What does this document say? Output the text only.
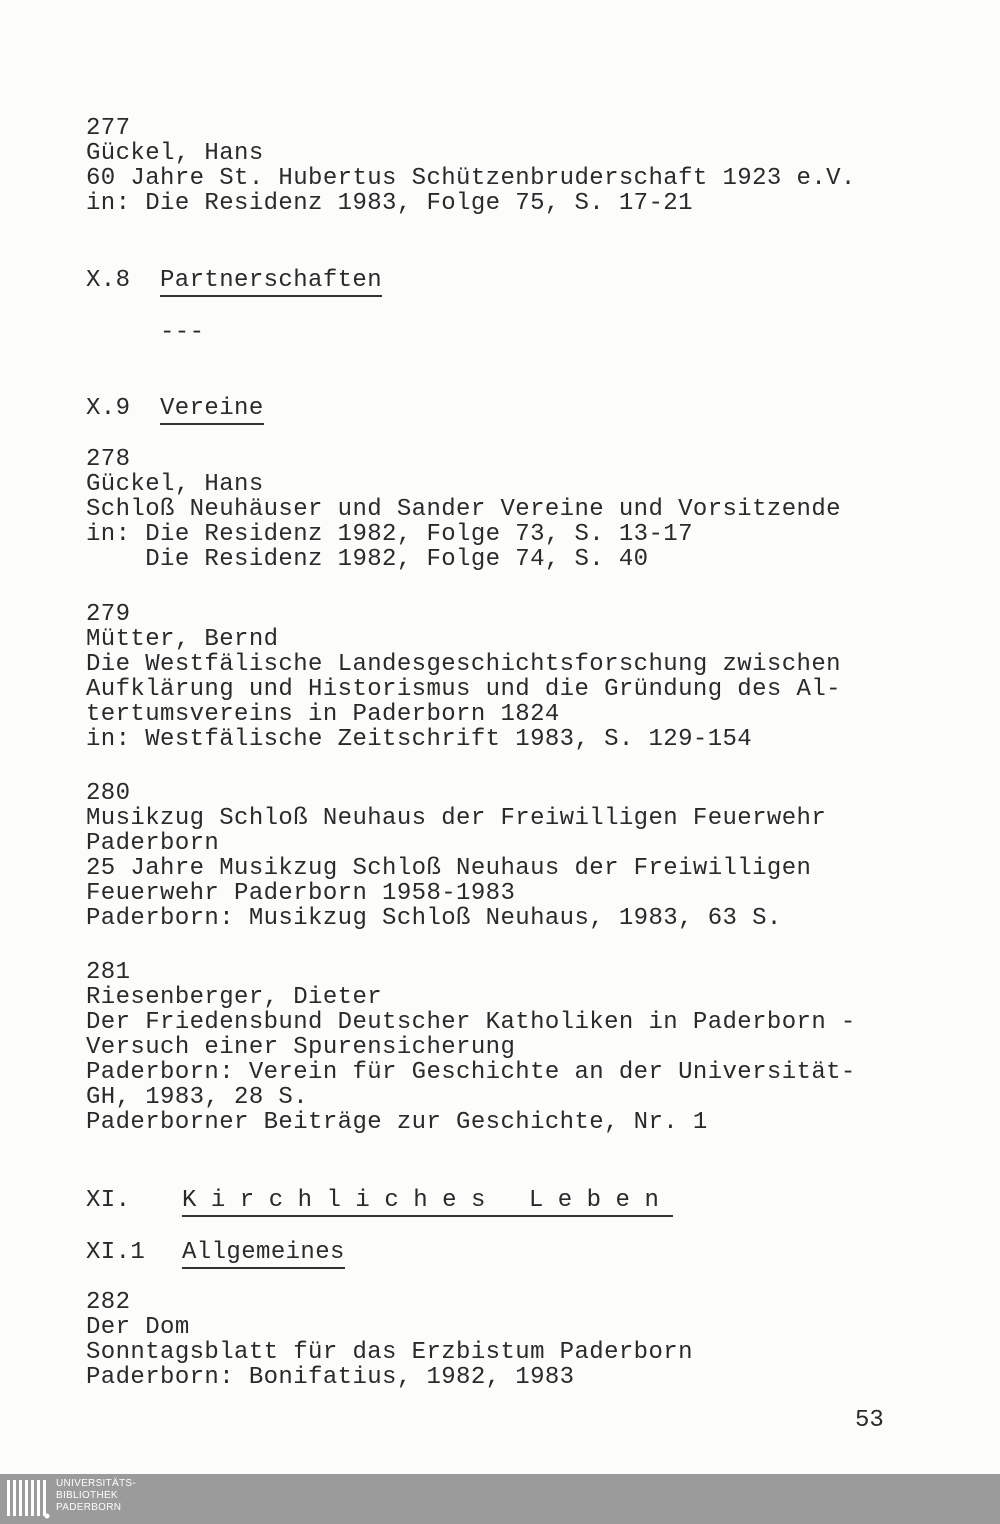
277
Gückel, Hans
60 Jahre St. Hubertus Schützenbruderschaft 1923 e.V.
in: Die Residenz 1983, Folge 75, S. 17-21
X.8 Partnerschaften
---
X.9 Vereine
278
Gückel, Hans
Schloß Neuhäuser und Sander Vereine und Vorsitzende
in: Die Residenz 1982, Folge 73, S. 13-17
Die Residenz 1982, Folge 74, S. 40
279
Mütter, Bernd
Die Westfälische Landesgeschichtsforschung zwischen
Aufklärung und Historismus und die Gründung des Al-
tertumsvereins in Paderborn 1824
in: Westfälische Zeitschrift 1983, S. 129-154
280
Musikzug Schloß Neuhaus der Freiwilligen Feuerwehr
Paderborn
25 Jahre Musikzug Schloß Neuhaus der Freiwilligen
Feuerwehr Paderborn 1958-1983
Paderborn: Musikzug Schloß Neuhaus, 1983, 63 S.
281
Riesenberger, Dieter
Der Friedensbund Deutscher Katholiken in Paderborn -
Versuch einer Spurensicherung
Paderborn: Verein für Geschichte an der Universität-
GH, 1983, 28 S.
Paderborner Beiträge zur Geschichte, Nr. 1
XI. Kirchliches Leben
XI.1 Allgemeines
282
Der Dom
Sonntagsblatt für das Erzbistum Paderborn
Paderborn: Bonifatius, 1982, 1983
53
UNIVERSITÄTS-
BIBLIOTHEK
PADERBORN
